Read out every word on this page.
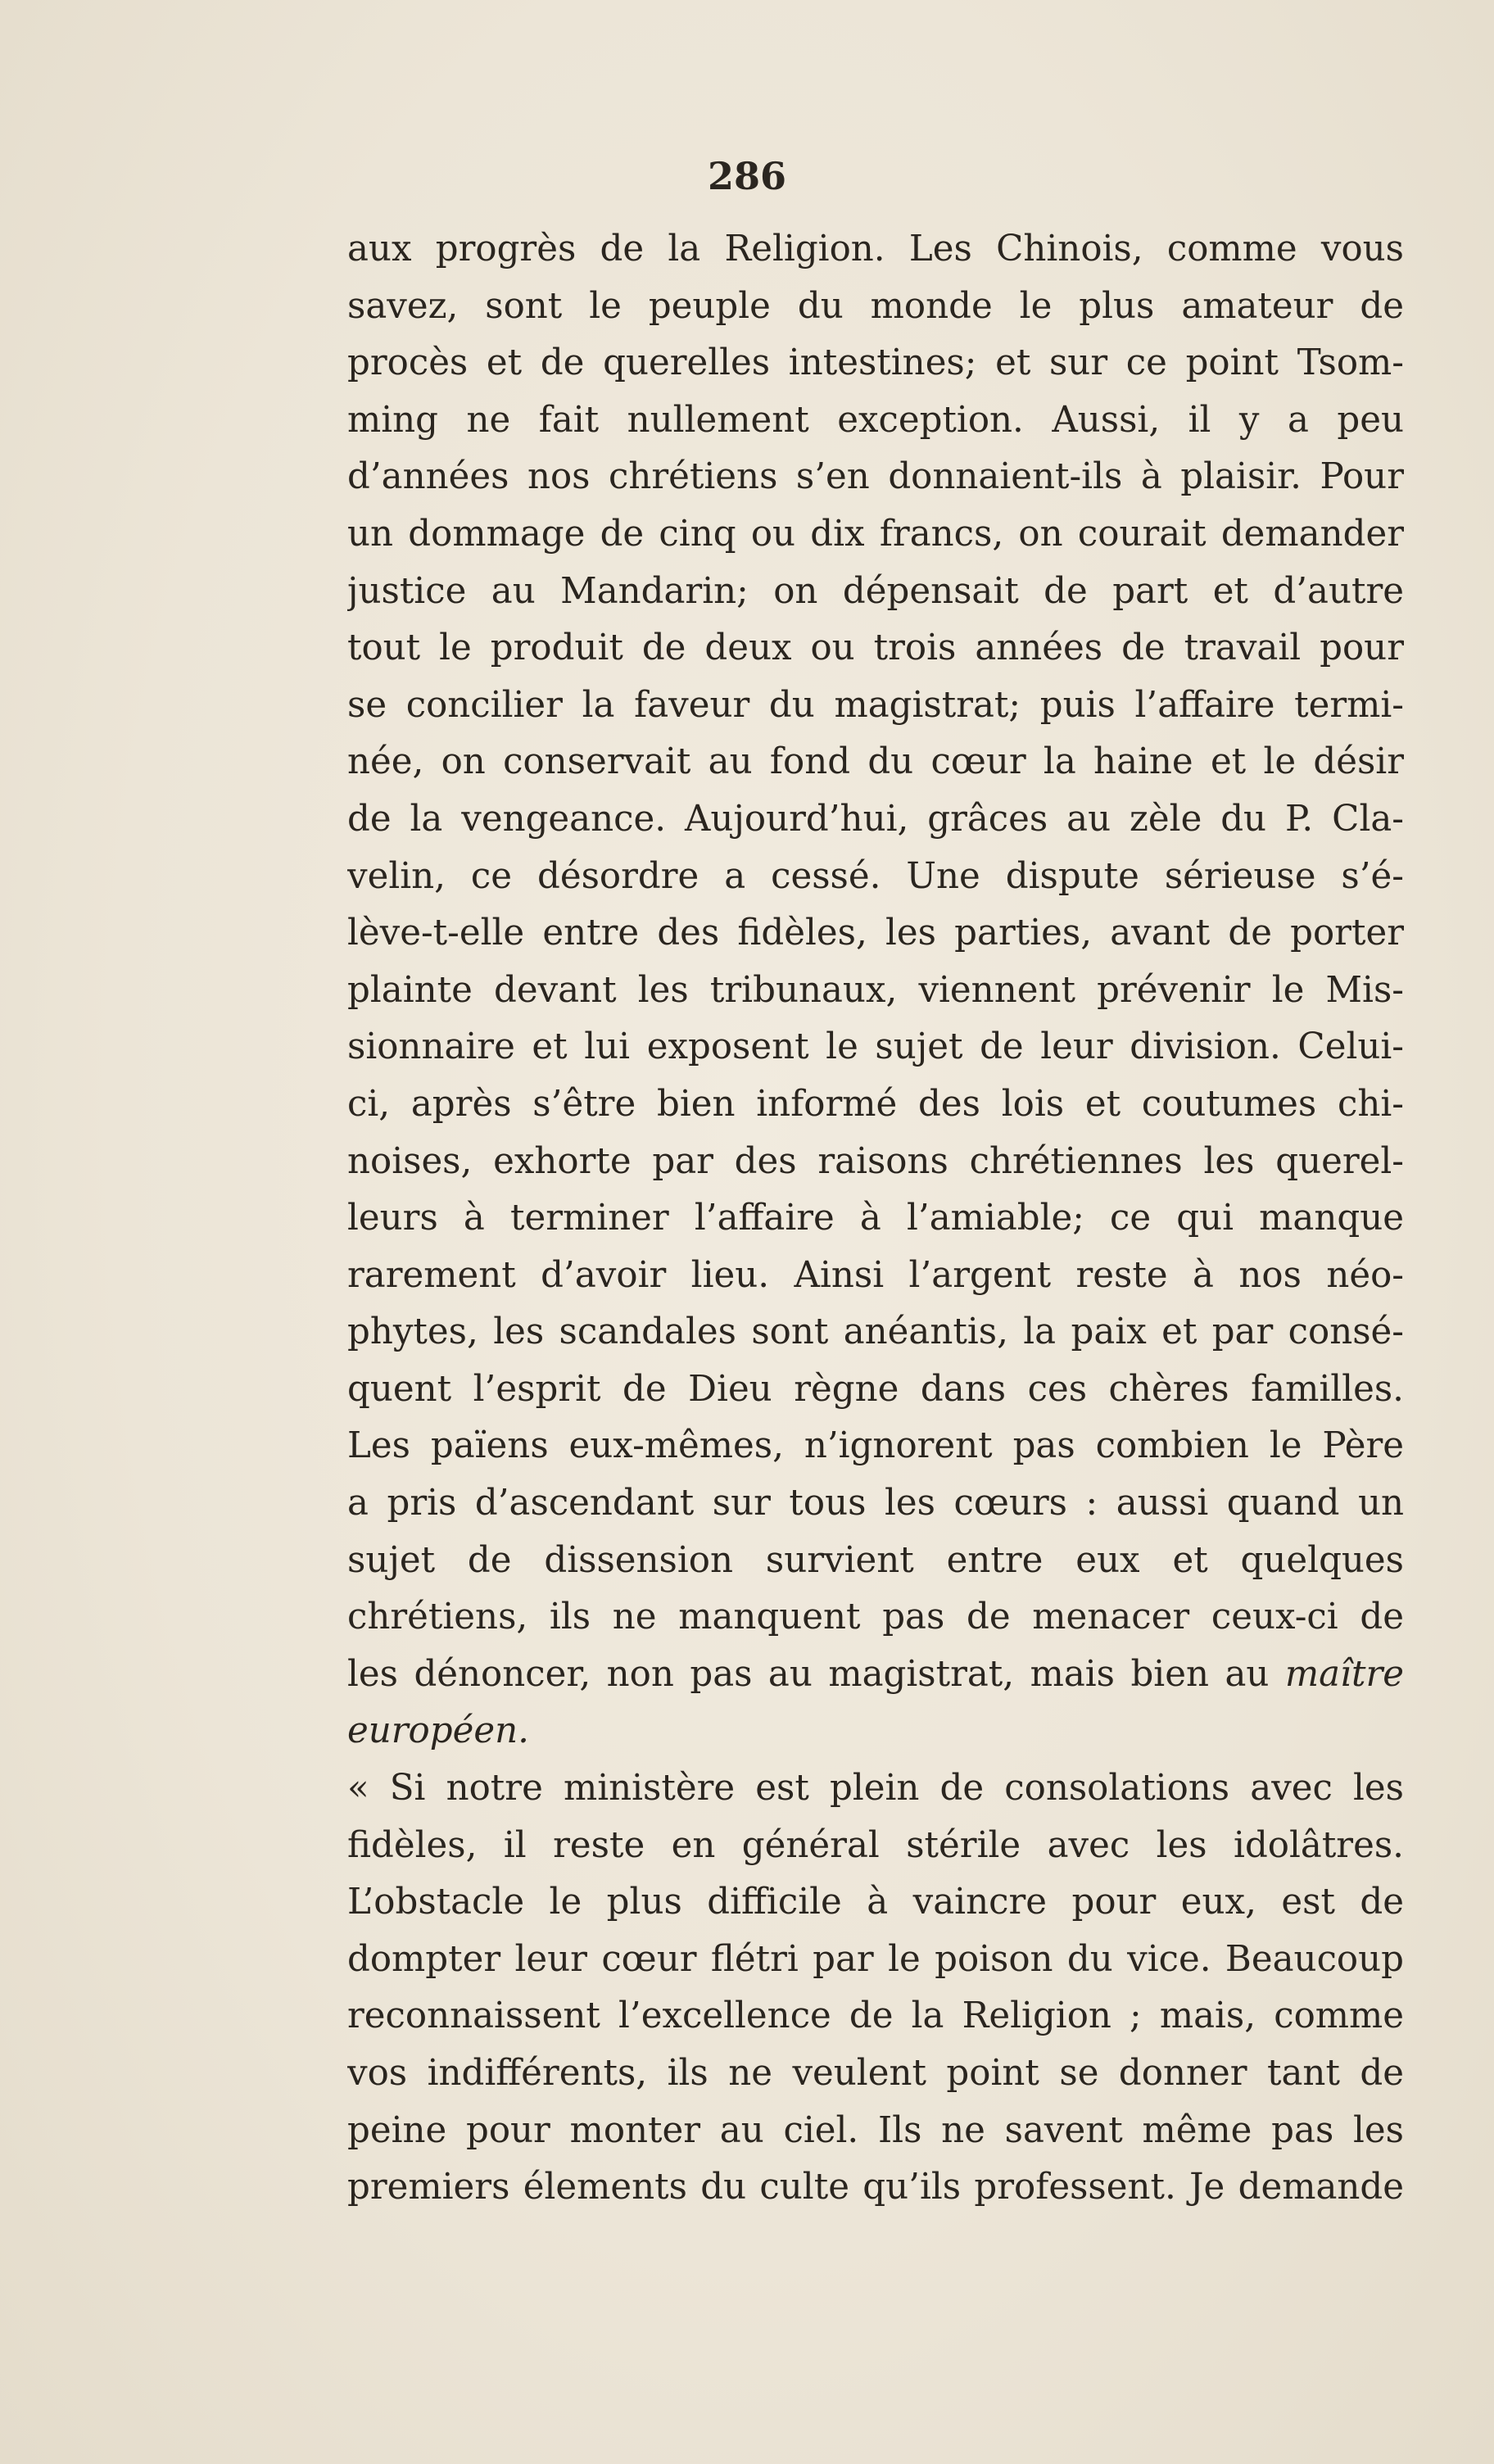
286
aux progrès de la Religion. Les Chinois, comme vous
savez, sont le peuple du monde le plus amateur de
procès et de querelles intestines; et sur ce point Tsom-
ming ne fait nullement exception. Aussi, il y a peu
d’années nos chrétiens s’en donnaient-ils à plaisir. Pour
un dommage de cinq ou dix francs, on courait demander
justice au Mandarin; on dépensait de part et d’autre
tout le produit de deux ou trois années de travail pour
se concilier la faveur du magistrat; puis l’affaire termi-
née, on conservait au fond du cœur la haine et le désir
de la vengeance. Aujourd’hui, grâces au zèle du P. Cla-
velin, ce désordre a cessé. Une dispute sérieuse s’é-
lève-t-elle entre des fidèles, les parties, avant de porter
plainte devant les tribunaux, viennent prévenir le Mis-
sionnaire et lui exposent le sujet de leur division. Celui-
ci, après s’être bien informé des lois et coutumes chi-
noises, exhorte par des raisons chrétiennes les querel-
leurs à terminer l’affaire à l’amiable; ce qui manque
rarement d’avoir lieu. Ainsi l’argent reste à nos néo-
phytes, les scandales sont anéantis, la paix et par consé-
quent l’esprit de Dieu règne dans ces chères familles.
Les païens eux-mêmes, n’ignorent pas combien le Père
a pris d’ascendant sur tous les cœurs : aussi quand un
sujet de dissension survient entre eux et quelques
chrétiens, ils ne manquent pas de menacer ceux-ci de
les dénoncer, non pas au magistrat, mais bien au maître
européen.
« Si notre ministère est plein de consolations avec les
fidèles, il reste en général stérile avec les idolâtres.
L’obstacle le plus difficile à vaincre pour eux, est de
dompter leur cœur flétri par le poison du vice. Beaucoup
reconnaissent l’excellence de la Religion ; mais, comme
vos indifférents, ils ne veulent point se donner tant de
peine pour monter au ciel. Ils ne savent même pas les
premiers élements du culte qu’ils professent. Je demande
